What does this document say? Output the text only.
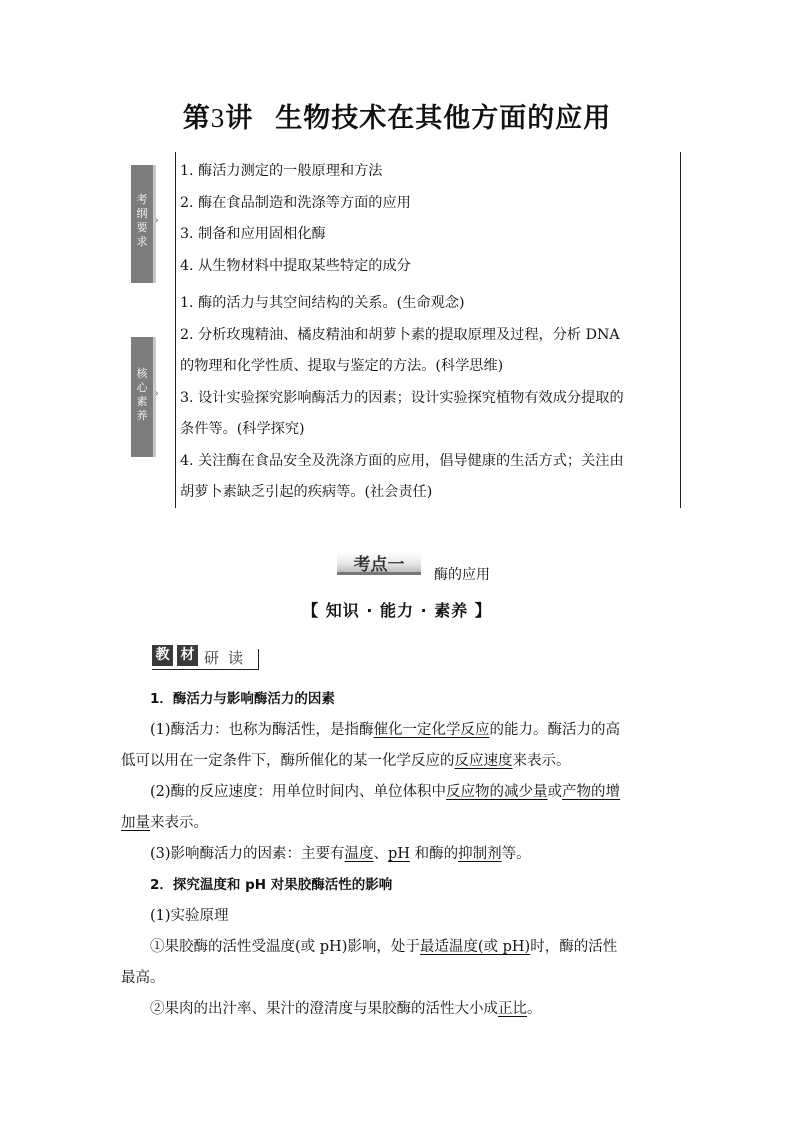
第3讲 生物技术在其他方面的应用
考
纲
要
求
›
1. 酶活力测定的一般原理和方法
2. 酶在食品制造和洗涤等方面的应用
3. 制备和应用固相化酶
4. 从生物材料中提取某些特定的成分
核
心
素
养
›
1. 酶的活力与其空间结构的关系。(生命观念)
2. 分析玫瑰精油、橘皮精油和胡萝卜素的提取原理及过程，分析 DNA
的物理和化学性质、提取与鉴定的方法。(科学思维)
3. 设计实验探究影响酶活力的因素；设计实验探究植物有效成分提取的
条件等。(科学探究)
4. 关注酶在食品安全及洗涤方面的应用，倡导健康的生活方式；关注由
胡萝卜素缺乏引起的疾病等。(社会责任)
考点一	酶的应用
【 知识 · 能力 · 素养 】
教 材 研 读
1．酶活力与影响酶活力的因素
(1)酶活力：也称为酶活性，是指酶催化一定化学反应的能力。酶活力的高
低可以用在一定条件下，酶所催化的某一化学反应的反应速度来表示。
(2)酶的反应速度：用单位时间内、单位体积中反应物的减少量或产物的增
加量来表示。
(3)影响酶活力的因素：主要有温度、pH 和酶的抑制剂等。
2．探究温度和 pH 对果胶酶活性的影响
(1)实验原理
①果胶酶的活性受温度(或 pH)影响，处于最适温度(或 pH)时，酶的活性
最高。
②果肉的出汁率、果汁的澄清度与果胶酶的活性大小成正比。
